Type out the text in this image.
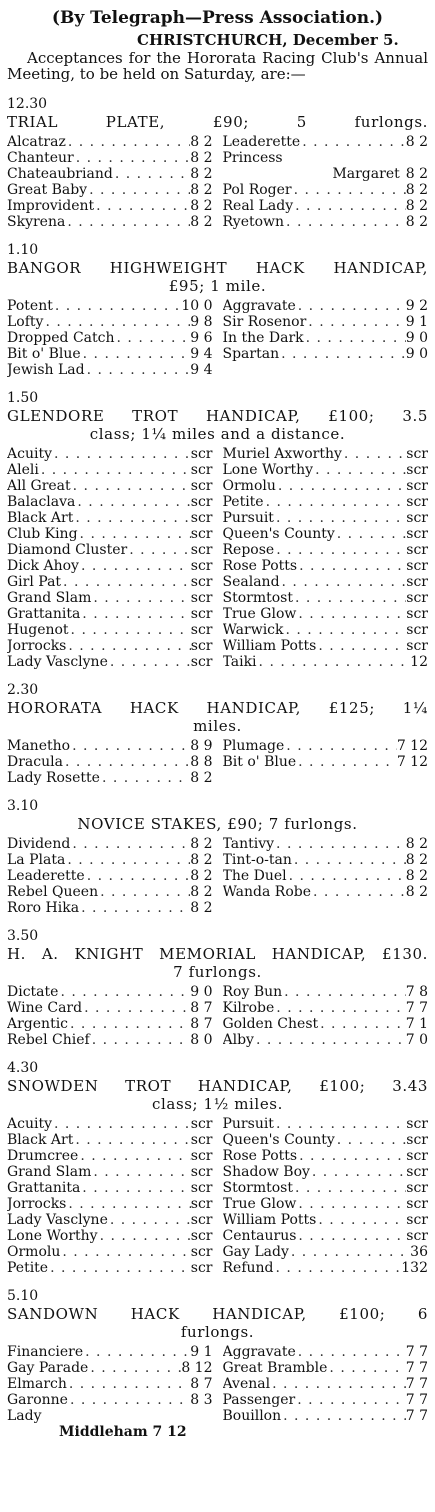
(By Telegraph—Press Association.)
CHRISTCHURCH, December 5.

Acceptances for the Hororata Racing Club's Annual Meeting, to be held on Saturday, are:—

12.30
TRIAL PLATE, £90; 5 furlongs.
Alcatraz . . .	8 2 Leaderette . . .	8 2
Chanteur . . .	8 2 Princess
Chateaubriand . . .	8 2	Margaret 8 2
Great Baby . . .	8 2 Pol Roger . . .	8 2
Improvident . . .	8 2 Real Lady . . .	8 2
Skyrena . . .	8 2 Ryetown . . .	8 2
1.10
BANGOR HIGHWEIGHT HACK HANDICAP,
£95; 1 mile.
Potent . . .	10 0 Aggravate . . .	9 2
Lofty . . .	9 8 Sir Rosenor . . .	9 1
Dropped Catch . . .	9 6 In the Dark . . .	9 0
Bit o' Blue . . .	9 4 Spartan . . .	9 0
Jewish Lad . . .	9 4
1.50
GLENDORE TROT HANDICAP, £100; 3.5
class; 1¼ miles and a distance.
Acuity . . .	scr Muriel Axworthy . . .	scr
Aleli . . .	scr Lone Worthy . . .	scr
All Great . . .	scr Ormolu . . .	scr
Balaclava . . .	scr Petite . . .	scr
Black Art . . .	scr Pursuit . . .	scr
Club King . . .	scr Queen's County . . .	scr
Diamond Cluster . . .	scr Repose . . .	scr
Dick Ahoy . . .	scr Rose Potts . . .	scr
Girl Pat . . .	scr Sealand . . .	scr
Grand Slam . . .	scr Stormtost . . .	scr
Grattanita . . .	scr True Glow . . .	scr
Hugenot . . .	scr Warwick . . .	scr
Jorrocks . . .	scr William Potts . . .	scr
Lady Vasclyne . . .	scr Taiki . . .	12
2.30
HORORATA HACK HANDICAP, £125; 1¼
miles.
Manetho . . .	8 9 Plumage . . .	7 12
Dracula . . .	8 8 Bit o' Blue . . .	7 12
Lady Rosette . . .	8 2
3.10
NOVICE STAKES, £90; 7 furlongs.
Dividend . . .	8 2 Tantivy . . .	8 2
La Plata . . .	8 2 Tint-o-tan . . .	8 2
Leaderette . . .	8 2 The Duel . . .	8 2
Rebel Queen . . .	8 2 Wanda Robe . . .	8 2
Roro Hika . . .	8 2
3.50
H. A. KNIGHT MEMORIAL HANDICAP, £130.
7 furlongs.
Dictate . . .	9 0 Roy Bun . . .	7 8
Wine Card . . .	8 7 Kilrobe . . .	7 7
Argentic . . .	8 7 Golden Chest . . .	7 1
Rebel Chief . . .	8 0 Alby . . .	7 0
4.30
SNOWDEN TROT HANDICAP, £100; 3.43
class; 1½ miles.
Acuity . . .	scr Pursuit . . .	scr
Black Art . . .	scr Queen's County . . .	scr
Drumcree . . .	scr Rose Potts . . .	scr
Grand Slam . . .	scr Shadow Boy . . .	scr
Grattanita . . .	scr Stormtost . . .	scr
Jorrocks . . .	scr True Glow . . .	scr
Lady Vasclyne . . .	scr William Potts . . .	scr
Lone Worthy . . .	scr Centaurus . . .	scr
Ormolu . . .	scr Gay Lady . . .	36
Petite . . .	scr Refund . . .	132
5.10
SANDOWN HACK HANDICAP, £100; 6
furlongs.
Financiere . . .	9 1 Aggravate . . .	7 7
Gay Parade . . .	8 12 Great Bramble . . .	7 7
Elmarch . . .	8 7 Avenal . . .	7 7
Garonne . . .	8 3 Passenger . . .	7 7
Lady	Bouillon . . .	7 7
Middleham 7 12
